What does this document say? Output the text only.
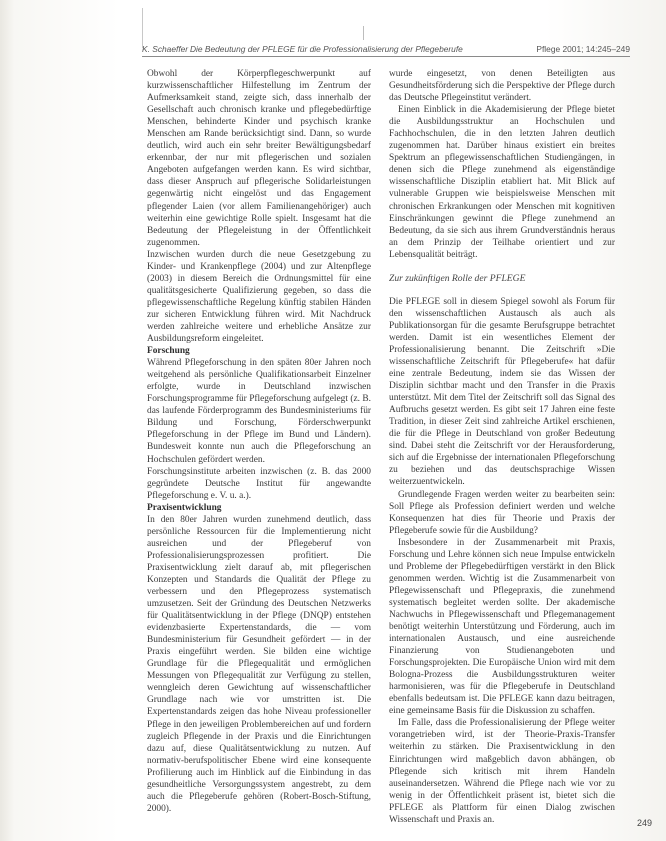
K. Schaeffer Die Bedeutung der PFLEGE für die Professionalisierung der Pflegeberufe	Pflege 2001; 14:245–249

Obwohl der Körperpflegeschwerpunkt auf kurzwissenschaftlicher Hilfestellung im Zentrum der Aufmerksamkeit stand, zeigte sich, dass innerhalb der Gesellschaft auch chronisch kranke und pflegebedürftige Menschen, behinderte Kinder und psychisch kranke Menschen am Rande berücksichtigt sind. Dann, so wurde deutlich, wird auch ein sehr breiter Bewältigungsbedarf erkennbar, der nur mit pflegerischen und sozialen Angeboten aufgefangen werden kann. Es wird sichtbar, dass dieser Anspruch auf pflegerische Solidarleistungen gegenwärtig nicht eingelöst und das Engagement pflegender Laien (vor allem Familienangehöriger) auch weiterhin eine gewichtige Rolle spielt. Insgesamt hat die Bedeutung der Pflegeleistung in der Öffentlichkeit zugenommen.

Inzwischen wurden durch die neue Gesetzgebung zu Kinder- und Krankenpflege (2004) und zur Altenpflege (2003) in diesem Bereich die Ordnungsmittel für eine qualitätsgesicherte Qualifizierung gegeben, so dass die pflegewissenschaftliche Regelung künftig stabilen Händen zur sicheren Entwicklung führen wird. Mit Nachdruck werden zahlreiche weitere und erhebliche Ansätze zur Ausbildungsreform eingeleitet.

Forschung

Während Pflegeforschung in den späten 80er Jahren noch weitgehend als persönliche Qualifikationsarbeit Einzelner erfolgte, wurde in Deutschland inzwischen Forschungsprogramme für Pflegeforschung aufgelegt (z. B. das laufende Förderprogramm des Bundesministeriums für Bildung und Forschung, Förderschwerpunkt Pflegeforschung in der Pflege im Bund und Ländern). Bundesweit konnte nun auch die Pflegeforschung an Hochschulen gefördert werden.

Forschungsinstitute arbeiten inzwischen (z. B. das 2000 gegründete Deutsche Institut für angewandte Pflegeforschung e. V. u. a.).

Praxisentwicklung

In den 80er Jahren wurden zunehmend deutlich, dass persönliche Ressourcen für die Implementierung nicht ausreichen und der Pflegeberuf von Professionalisierungsprozessen profitiert. Die Praxisentwicklung zielt darauf ab, mit pflegerischen Konzepten und Standards die Qualität der Pflege zu verbessern und den Pflegeprozess systematisch umzusetzen. Seit der Gründung des Deutschen Netzwerks für Qualitätsentwicklung in der Pflege (DNQP) entstehen evidenzbasierte Expertenstandards, die — vom Bundesministerium für Gesundheit gefördert — in der Praxis eingeführt werden. Sie bilden eine wichtige Grundlage für die Pflegequalität und ermöglichen Messungen von Pflegequalität zur Verfügung zu stellen, wenngleich deren Gewichtung auf wissenschaftlicher Grundlage nach wie vor umstritten ist. Die Expertenstandards zeigen das hohe Niveau professioneller Pflege in den jeweiligen Problembereichen auf und fordern zugleich Pflegende in der Praxis und die Einrichtungen dazu auf, diese Qualitätsentwicklung zu nutzen. Auf normativ-berufspolitischer Ebene wird eine konsequente Profilierung auch im Hinblick auf die Einbindung in das gesundheitliche Versorgungssystem angestrebt, zu dem auch die Pflegeberufe gehören (Robert-Bosch-Stiftung, 2000).

wurde eingesetzt, von denen Beteiligten aus Gesundheitsförderung sich die Perspektive der Pflege durch das Deutsche Pflegeinstitut verändert.

Einen Einblick in die Akademisierung der Pflege bietet die Ausbildungsstruktur an Hochschulen und Fachhochschulen, die in den letzten Jahren deutlich zugenommen hat. Darüber hinaus existiert ein breites Spektrum an pflegewissenschaftlichen Studiengängen, in denen sich die Pflege zunehmend als eigenständige wissenschaftliche Disziplin etabliert hat. Mit Blick auf vulnerable Gruppen wie beispielsweise Menschen mit chronischen Erkrankungen oder Menschen mit kognitiven Einschränkungen gewinnt die Pflege zunehmend an Bedeutung, da sie sich aus ihrem Grundverständnis heraus an dem Prinzip der Teilhabe orientiert und zur Lebensqualität beiträgt.

Zur zukünftigen Rolle der PFLEGE

Die PFLEGE soll in diesem Spiegel sowohl als Forum für den wissenschaftlichen Austausch als auch als Publikationsorgan für die gesamte Berufsgruppe betrachtet werden. Damit ist ein wesentliches Element der Professionalisierung benannt. Die Zeitschrift »Die wissenschaftliche Zeitschrift für Pflegeberufe« hat dafür eine zentrale Bedeutung, indem sie das Wissen der Disziplin sichtbar macht und den Transfer in die Praxis unterstützt. Mit dem Titel der Zeitschrift soll das Signal des Aufbruchs gesetzt werden. Es gibt seit 17 Jahren eine feste Tradition, in dieser Zeit sind zahlreiche Artikel erschienen, die für die Pflege in Deutschland von großer Bedeutung sind. Dabei steht die Zeitschrift vor der Herausforderung, sich auf die Ergebnisse der internationalen Pflegeforschung zu beziehen und das deutschsprachige Wissen weiterzuentwickeln.

Grundlegende Fragen werden weiter zu bearbeiten sein: Soll Pflege als Profession definiert werden und welche Konsequenzen hat dies für Theorie und Praxis der Pflegeberufe sowie für die Ausbildung?

Insbesondere in der Zusammenarbeit mit Praxis, Forschung und Lehre können sich neue Impulse entwickeln und Probleme der Pflegebedürftigen verstärkt in den Blick genommen werden. Wichtig ist die Zusammenarbeit von Pflegewissenschaft und Pflegepraxis, die zunehmend systematisch begleitet werden sollte. Der akademische Nachwuchs in Pflegewissenschaft und Pflegemanagement benötigt weiterhin Unterstützung und Förderung, auch im internationalen Austausch, und eine ausreichende Finanzierung von Studienangeboten und Forschungsprojekten. Die Europäische Union wird mit dem Bologna-Prozess die Ausbildungsstrukturen weiter harmonisieren, was für die Pflegeberufe in Deutschland ebenfalls bedeutsam ist. Die PFLEGE kann dazu beitragen, eine gemeinsame Basis für die Diskussion zu schaffen.

Im Falle, dass die Professionalisierung der Pflege weiter vorangetrieben wird, ist der Theorie-Praxis-Transfer weiterhin zu stärken. Die Praxisentwicklung in den Einrichtungen wird maßgeblich davon abhängen, ob Pflegende sich kritisch mit ihrem Handeln auseinandersetzen. Während die Pflege nach wie vor zu wenig in der Öffentlichkeit präsent ist, bietet sich die PFLEGE als Plattform für einen Dialog zwischen Wissenschaft und Praxis an.	249
